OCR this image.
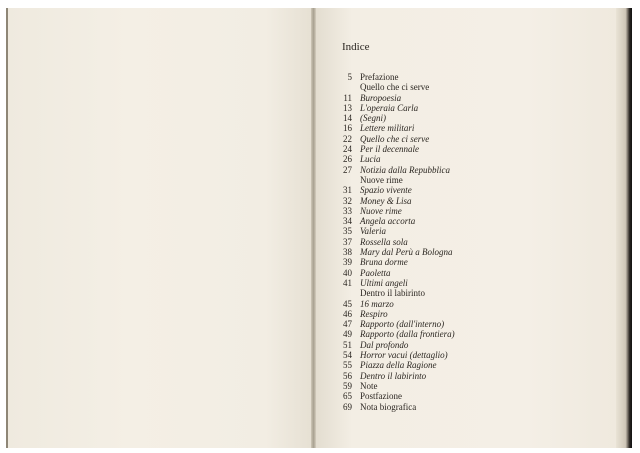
Indice
5 Prefazione
Quello che ci serve
11 Buropoesia
13 L'operaia Carla
14 (Segni)
16 Lettere militari
22 Quello che ci serve
24 Per il decennale
26 Lucia
27 Notizia dalla Repubblica
Nuove rime
31 Spazio vivente
32 Money & Lisa
33 Nuove rime
34 Angela accorta
35 Valeria
37 Rossella sola
38 Mary dal Perù a Bologna
39 Bruna dorme
40 Paoletta
41 Ultimi angeli
Dentro il labirinto
45 16 marzo
46 Respiro
47 Rapporto (dall'interno)
49 Rapporto (dalla frontiera)
51 Dal profondo
54 Horror vacui (dettaglio)
55 Piazza della Ragione
56 Dentro il labirinto
59 Note
65 Postfazione
69 Nota biografica
